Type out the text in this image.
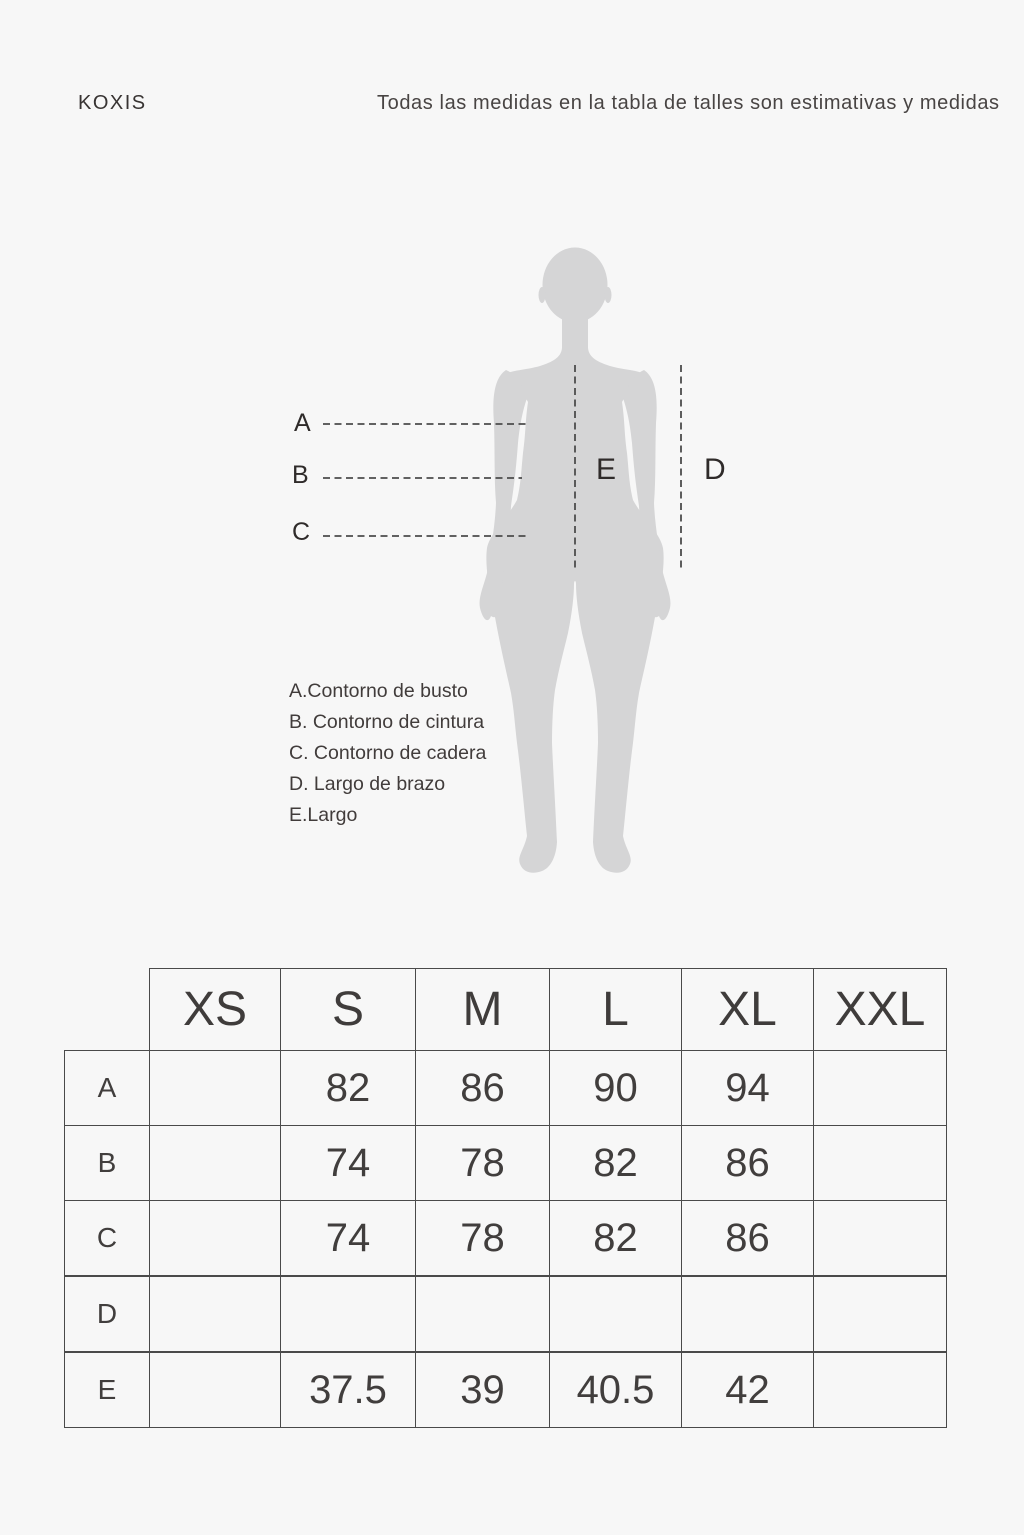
KOXIS	Todas las medidas en la tabla de talles son estimativas y medidas
A
B
C
E	D
A.Contorno de busto
B. Contorno de cintura
C. Contorno de cadera
D. Largo de brazo
E.Largo
	XS	S	M	L	XL	XXL
A		82	86	90	94	
B		74	78	82	86	
C		74	78	82	86	
D						
E		37.5	39	40.5	42	
